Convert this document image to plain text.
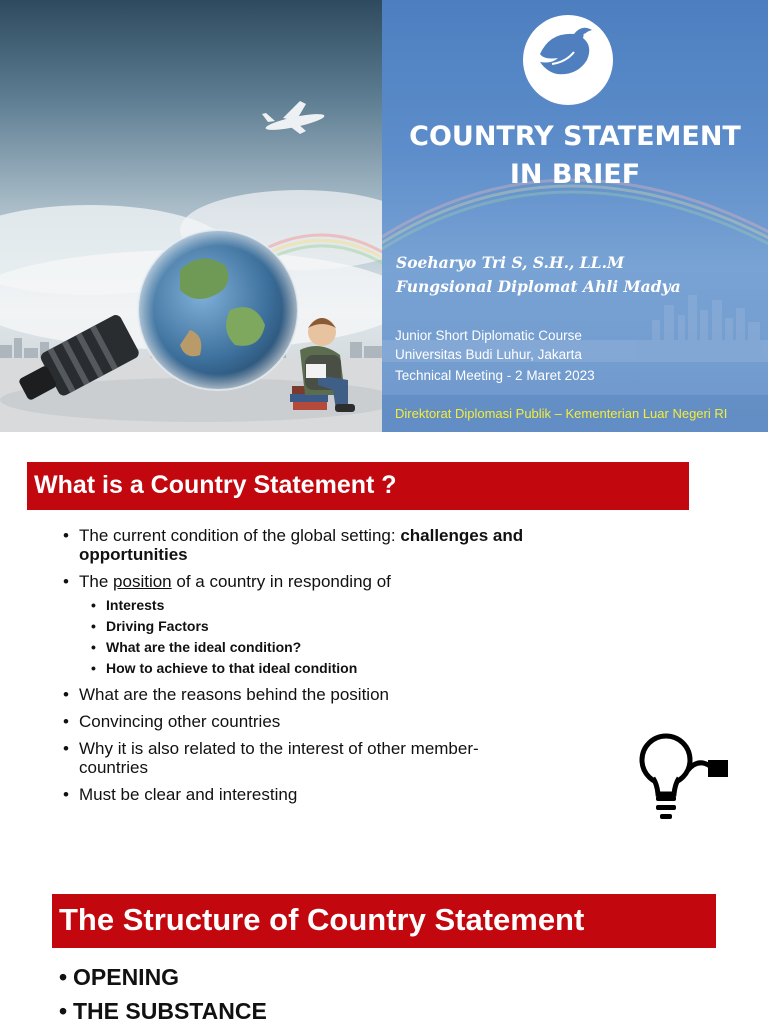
COUNTRY STATEMENT
IN BRIEF
Soeharyo Tri S, S.H., LL.M
Fungsional Diplomat Ahli Madya
Junior Short Diplomatic Course
Universitas Budi Luhur, Jakarta
Technical Meeting - 2 Maret 2023
Direktorat Diplomasi Publik – Kementerian Luar Negeri RI
What is a Country Statement ?
• The current condition of the global setting: challenges and opportunities
• The position of a country in responding of
• Interests
• Driving Factors
• What are the ideal condition?
• How to achieve to that ideal condition
• What are the reasons behind the position
• Convincing other countries
• Why it is also related to the interest of other member-countries
• Must be clear and interesting
The Structure of Country Statement
• OPENING
• THE SUBSTANCE
